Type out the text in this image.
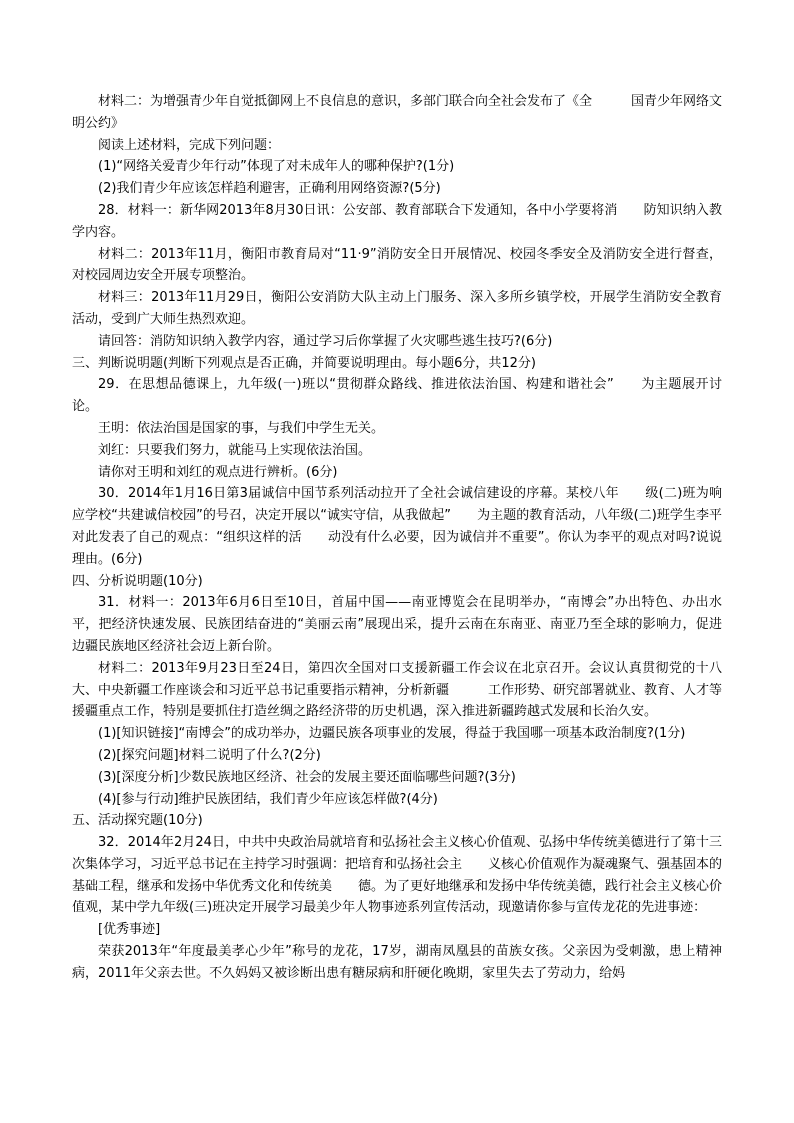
材料二：为增强青少年自觉抵御网上不良信息的意识，多部门联合向全社会发布了《全　　　国青少年网络文明公约》

阅读上述材料，完成下列问题：

(1)“网络关爱青少年行动”体现了对未成年人的哪种保护?(1分)

(2)我们青少年应该怎样趋利避害，正确利用网络资源?(5分)

28．材料一：新华网2013年8月30日讯：公安部、教育部联合下发通知，各中小学要将消　　防知识纳入教学内容。

材料二：2013年11月，衡阳市教育局对“11·9”消防安全日开展情况、校园冬季安全及消防安全进行督查，对校园周边安全开展专项整治。

材料三：2013年11月29日，衡阳公安消防大队主动上门服务、深入多所乡镇学校，开展学生消防安全教育活动，受到广大师生热烈欢迎。

请回答：消防知识纳入教学内容，通过学习后你掌握了火灾哪些逃生技巧?(6分)

三、判断说明题(判断下列观点是否正确，并简要说明理由。每小题6分，共12分)

29．在思想品德课上，九年级(一)班以“贯彻群众路线、推进依法治国、构建和谐社会”　　为主题展开讨论。

王明：依法治国是国家的事，与我们中学生无关。

刘红：只要我们努力，就能马上实现依法治国。

请你对王明和刘红的观点进行辨析。(6分)

30．2014年1月16日第3届诚信中国节系列活动拉开了全社会诚信建设的序幕。某校八年　　级(二)班为响应学校“共建诚信校园”的号召，决定开展以“诚实守信，从我做起”　　为主题的教育活动，八年级(二)班学生李平对此发表了自己的观点：“组织这样的活　　动没有什么必要，因为诚信并不重要”。你认为李平的观点对吗?说说理由。(6分)

四、分析说明题(10分)

31．材料一：2013年6月6日至10日，首届中国——南亚博览会在昆明举办，“南博会”办出特色、办出水平，把经济快速发展、民族团结奋进的“美丽云南”展现出采，提升云南在东南亚、南亚乃至全球的影响力，促进边疆民族地区经济社会迈上新台阶。

材料二：2013年9月23日至24日，第四次全国对口支援新疆工作会议在北京召开。会议认真贯彻党的十八大、中央新疆工作座谈会和习近平总书记重要指示精神，分析新疆　　　工作形势、研究部署就业、教育、人才等援疆重点工作，特别是要抓住打造丝绸之路经济带的历史机遇，深入推进新疆跨越式发展和长治久安。

(1)[知识链接]“南博会”的成功举办，边疆民族各项事业的发展，得益于我国哪一项基本政治制度?(1分)

(2)[探究问题]材料二说明了什么?(2分)

(3)[深度分析]少数民族地区经济、社会的发展主要还面临哪些问题?(3分)

(4)[参与行动]维护民族团结，我们青少年应该怎样做?(4分)

五、活动探究题(10分)

32．2014年2月24日，中共中央政治局就培育和弘扬社会主义核心价值观、弘扬中华传统美德进行了第十三次集体学习，习近平总书记在主持学习时强调：把培育和弘扬社会主　　义核心价值观作为凝魂聚气、强基固本的基础工程，继承和发扬中华优秀文化和传统美　　德。为了更好地继承和发扬中华传统美德，践行社会主义核心价值观，某中学九年级(三)班决定开展学习最美少年人物事迹系列宣传活动，现邀请你参与宣传龙花的先进事迹：

[优秀事迹]

荣获2013年“年度最美孝心少年”称号的龙花，17岁，湖南凤凰县的苗族女孩。父亲因为受刺激，患上精神病，2011年父亲去世。不久妈妈又被诊断出患有糖尿病和肝硬化晚期，家里失去了劳动力，给妈
